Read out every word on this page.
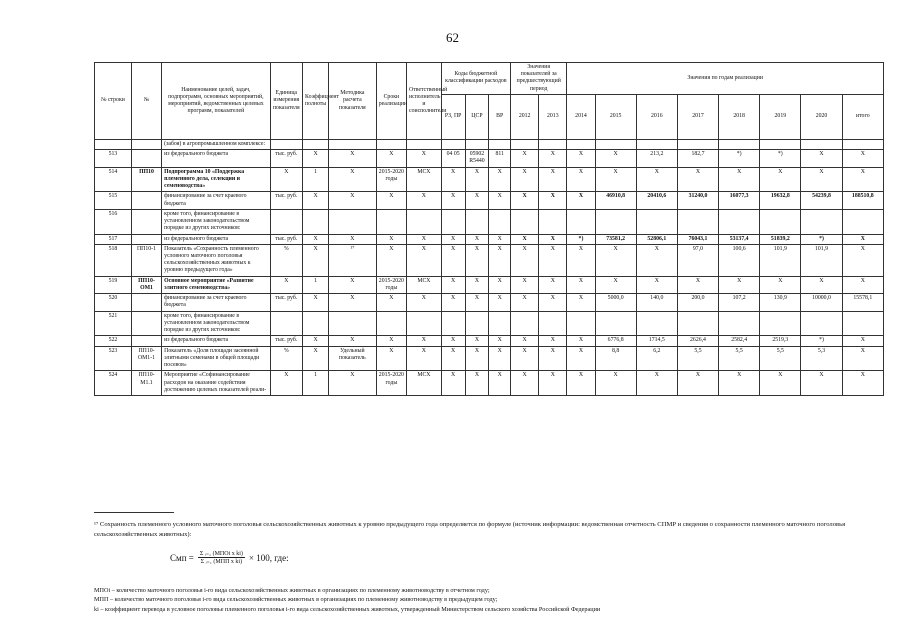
62
№ строки	№	Наименование целей, задач, подпрограмм, основных мероприятий, мероприятий, ведомственных целевых программ, показателей	Единица измерения показателя	Коэффициент полноты	Методика расчета показателя	Сроки реализации	Ответственный исполнитель и соисполнители	Коды бюджетной классификации расходов			Значения показателей за предшествующий период		Значения по годам реализации							
								РЗ, ПР	ЦСР	ВР	2012	2013	2014	2015	2016	2017	2018	2019	2020	итого
		(забоя) в агропромышленном комплексе:																		
513		из федерального бюджета	тыс. руб.	X	X	X	X	04 05	05902 R5440	811	X	X	X	X	213,2	182,7	*)	*)	X	X
514	ПП10	Подпрограмма 10 «Поддержка племенного дела, селекции и семеноводства»	X	1	X	2015-2020 годы	МСХ	X	X	X	X	X	X	X	X	X	X	X	X	X
515		финансирование за счет краевого бюджета	тыс. руб.	X	X	X	X	X	X	X	X	X	X	46910,8	20410,6	31240,0	16077,3	19632,8	54239,8	188510,8
516		кроме того, финансирование в установленном законодательством порядке из других источников:																		
517		из федерального бюджета	тыс. руб.	X	X	X	X	X	X	X	X	X	*)	73581,2	52806,1	76043,1	53137,4	51839,2	*)	X
518	ПП10-1	Показатель «Сохранность племенного условного маточного поголовья сельскохозяйственных животных к уровню предыдущего года»	%	X	¹⁷	X	X	X	X	X	X	X	X	X	X	97,0	100,6	101,9	101,9	X
519	ПП10-ОМ1	Основное мероприятие «Развитие элитного семеноводства»	X	1	X	2015-2020 годы	МСХ	X	X	X	X	X	X	X	X	X	X	X	X	X
520		финансирование за счет краевого бюджета	тыс. руб.	X	X	X	X	X	X	X	X	X	X	5000,0	140,0	200,0	107,2	130,9	10000,0	15578,1
521		кроме того, финансирование в установленном законодательством порядке из других источников:																		
522		из федерального бюджета	тыс. руб.	X	X	X	X	X	X	X	X	X	X	6776,8	1714,5	2626,4	2582,4	2519,3	*)	X
523	ПП10-ОМ1-1	Показатель «Доля площади засеянной элитными семенами в общей площади посевов»	%	X	Удельный показатель	X	X	X	X	X	X	X	X	8,8	6,2	5,5	5,5	5,5	5,3	X
524	ПП10-М1.1	Мероприятие «Софинансирование расходов на оказание содействия достижению целевых показателей реали-	X	1	X	2015-2020 годы	МСХ	X	X	X	X	X	X	X	X	X	X	X	X	X
¹⁷ Сохранность племенного условного маточного поголовья сельскохозяйственных животных к уровню предыдущего года определяется по формуле (источник информации: ведомственная отчетность СПМР и сведения о сохранности племенного маточного поголовья сельскохозяйственных животных):
Смп = $\frac{\text{Σ ᵢ₌₁ (МПОi x ki)}}{\text{Σ ᵢ₌₁ (МПП x ki)}} \times 100$, где:
МПОi – количество маточного поголовья i-го вида сельскохозяйственных животных в организациях по племенному животноводству в отчетном году;
МПП – количество маточного поголовья i-го вида сельскохозяйственных животных в организациях по племенному животноводству в предыдущем году;
ki – коэффициент перевода в условное поголовье племенного поголовья i-го вида сельскохозяйственных животных, утвержденный Министерством сельского хозяйства Российской Федерации
